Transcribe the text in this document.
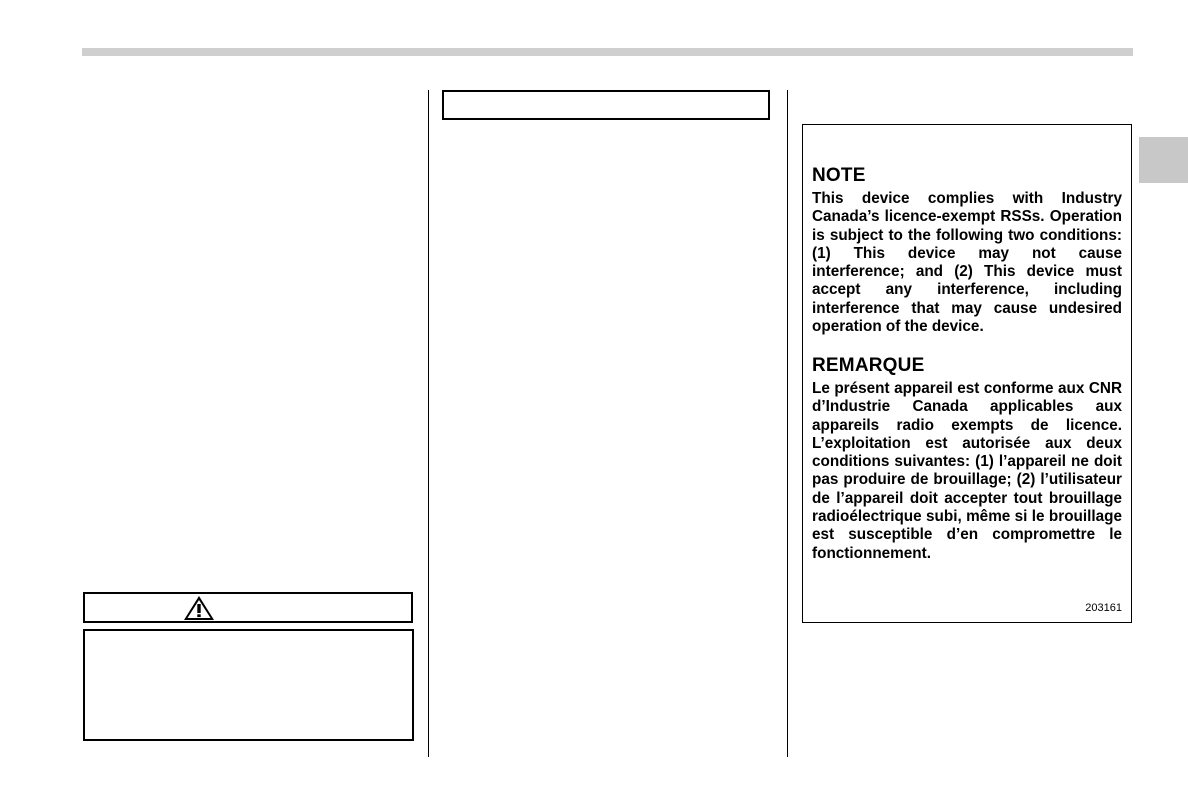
NOTE
This device complies with Industry Canada’s licence-exempt RSSs. Operation is subject to the following two conditions: (1) This device may not cause interference; and (2) This device must accept any interference, including interference that may cause undesired operation of the device.
REMARQUE
Le présent appareil est conforme aux CNR d’Industrie Canada applicables aux appareils radio exempts de licence. L’exploitation est autorisée aux deux conditions suivantes: (1) l’appareil ne doit pas produire de brouillage; (2) l’utilisateur de l’appareil doit accepter tout brouillage radioélectrique subi, même si le brouillage est susceptible d’en compromettre le fonctionnement.
203161
